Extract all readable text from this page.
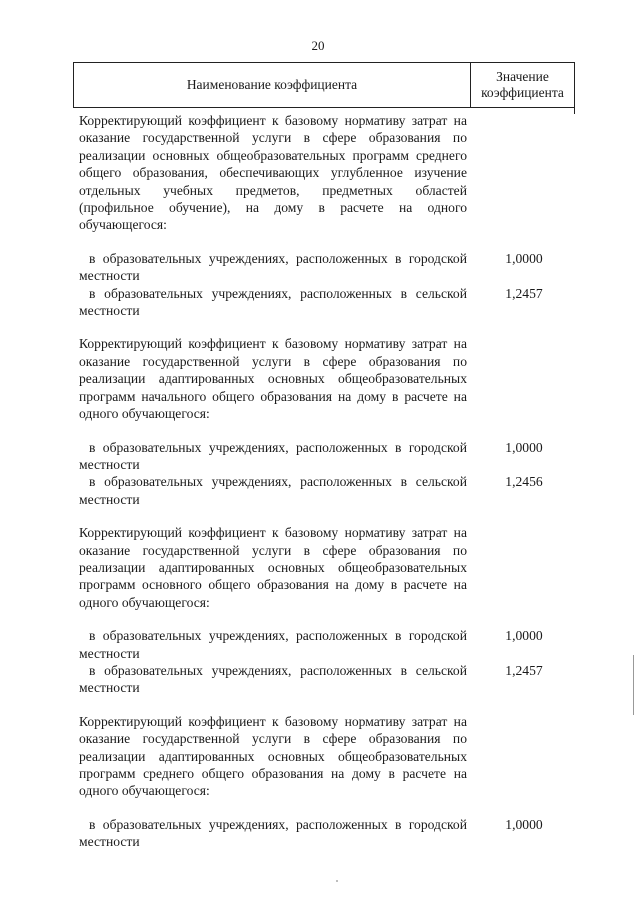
20
Наименование коэффициента
Значение
коэффициента

Корректирующий коэффициент к базовому нормативу затрат на оказание государственной услуги в сфере образования по реализации основных общеобразовательных программ среднего общего образования, обеспечивающих углубленное изучение отдельных учебных предметов, предметных областей (профильное обучение), на дому в расчете на одного обучающегося:

в образовательных учреждениях, расположенных в городской местности
1,0000
в образовательных учреждениях, расположенных в сельской местности
1,2457

Корректирующий коэффициент к базовому нормативу затрат на оказание государственной услуги в сфере образования по реализации адаптированных основных общеобразовательных программ начального общего образования на дому в расчете на одного обучающегося:

в образовательных учреждениях, расположенных в городской местности
1,0000
в образовательных учреждениях, расположенных в сельской местности
1,2456

Корректирующий коэффициент к базовому нормативу затрат на оказание государственной услуги в сфере образования по реализации адаптированных основных общеобразовательных программ основного общего образования на дому в расчете на одного обучающегося:

в образовательных учреждениях, расположенных в городской местности
1,0000
в образовательных учреждениях, расположенных в сельской местности
1,2457

Корректирующий коэффициент к базовому нормативу затрат на оказание государственной услуги в сфере образования по реализации адаптированных основных общеобразовательных программ среднего общего образования на дому в расчете на одного обучающегося:

в образовательных учреждениях, расположенных в городской местности
1,0000
